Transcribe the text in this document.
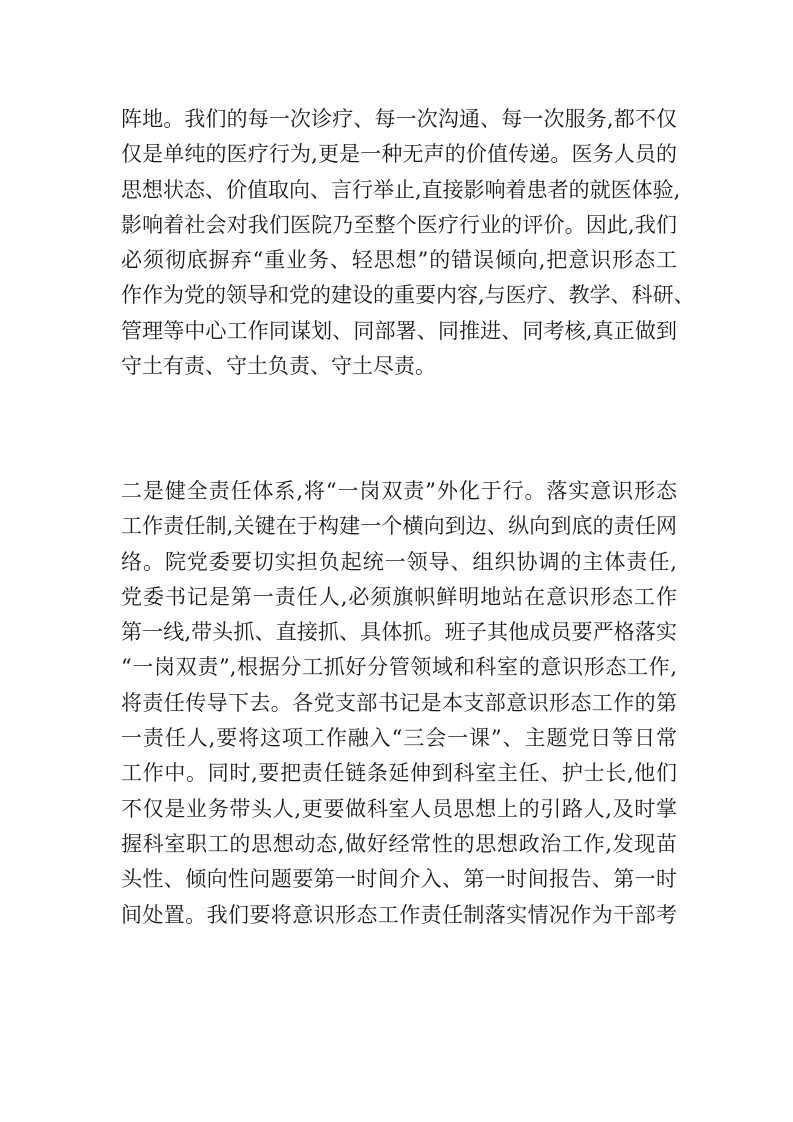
阵地。我们的每一次诊疗、每一次沟通、每一次服务,都不仅
仅是单纯的医疗行为,更是一种无声的价值传递。医务人员的
思想状态、价值取向、言行举止,直接影响着患者的就医体验,
影响着社会对我们医院乃至整个医疗行业的评价。因此,我们
必须彻底摒弃“重业务、轻思想”的错误倾向,把意识形态工
作作为党的领导和党的建设的重要内容,与医疗、教学、科研、
管理等中心工作同谋划、同部署、同推进、同考核,真正做到
守土有责、守土负责、守土尽责。
二是健全责任体系,将“一岗双责”外化于行。落实意识形态
工作责任制,关键在于构建一个横向到边、纵向到底的责任网
络。院党委要切实担负起统一领导、组织协调的主体责任,
党委书记是第一责任人,必须旗帜鲜明地站在意识形态工作
第一线,带头抓、直接抓、具体抓。班子其他成员要严格落实
“一岗双责”,根据分工抓好分管领域和科室的意识形态工作,
将责任传导下去。各党支部书记是本支部意识形态工作的第
一责任人,要将这项工作融入“三会一课”、主题党日等日常
工作中。同时,要把责任链条延伸到科室主任、护士长,他们
不仅是业务带头人,更要做科室人员思想上的引路人,及时掌
握科室职工的思想动态,做好经常性的思想政治工作,发现苗
头性、倾向性问题要第一时间介入、第一时间报告、第一时
间处置。我们要将意识形态工作责任制落实情况作为干部考
